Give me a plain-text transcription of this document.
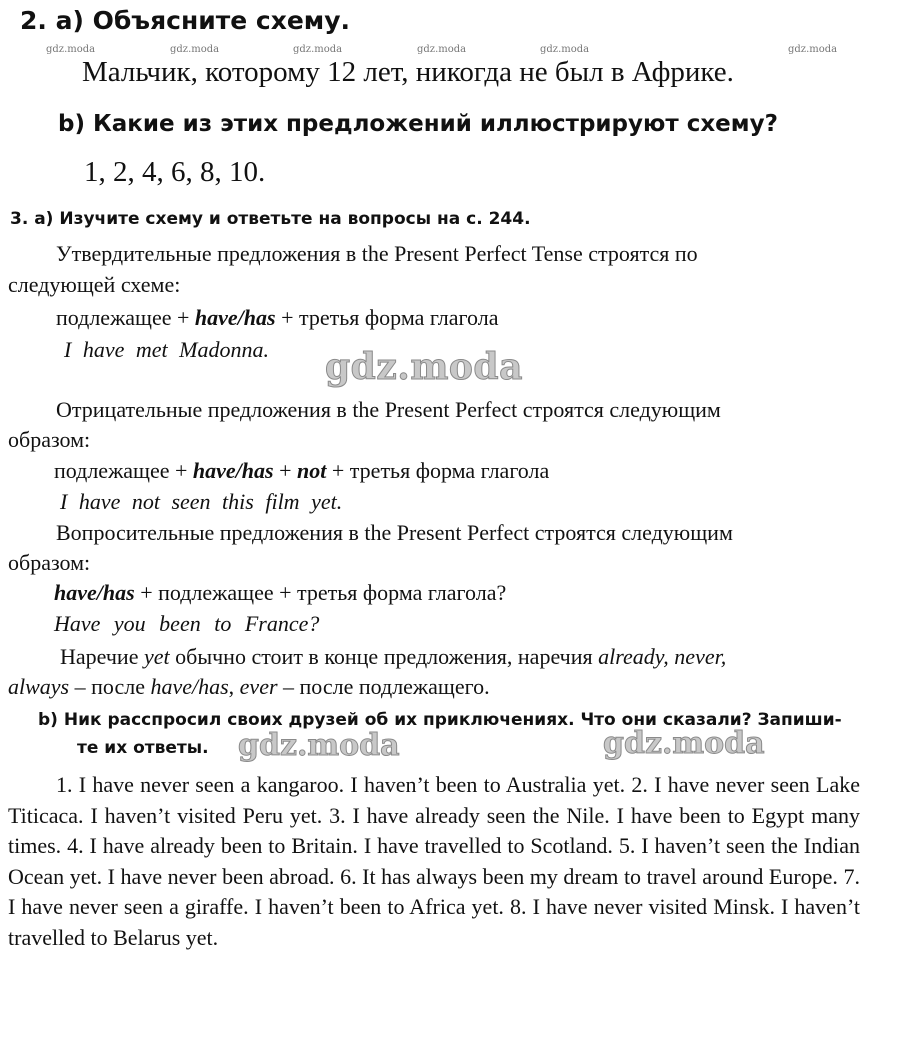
gdz.moda	gdz.moda	gdz.moda	gdz.moda	gdz.moda	gdz.moda
2. a) Объясните схему.
Мальчик, которому 12 лет, никогда не был в Африке.
b) Какие из этих предложений иллюстрируют схему?
1, 2, 4, 6, 8, 10.
3. a) Изучите схему и ответьте на вопросы на с. 244.
Утвердительные предложения в the Present Perfect Tense строятся по
следующей схеме:
подлежащее + have/has + третья форма глагола
I have met Madonna. gdz.moda
Отрицательные предложения в the Present Perfect строятся следующим
образом:
подлежащее + have/has + not + третья форма глагола
I have not seen this film yet.
Вопросительные предложения в the Present Perfect строятся следующим
образом:
have/has + подлежащее + третья форма глагола?
Have you been to France?
Наречие yet обычно стоит в конце предложения, наречия already, never,
always – после have/has, ever – после подлежащего.
b) Ник расспросил своих друзей об их приключениях. Что они сказали? Запиши-
те их ответы. gdz.moda	gdz.moda
1. I have never seen a kangaroo. I haven’t been to Australia yet. 2. I have never seen Lake Titicaca. I haven’t visited Peru yet. 3. I have already seen the Nile. I have been to Egypt many times. 4. I have already been to Britain. I have travelled to Scotland. 5. I haven’t seen the Indian Ocean yet. I have never been abroad. 6. It has always been my dream to travel around Europe. 7. I have never seen a giraffe. I haven’t been to Africa yet. 8. I have never visited Minsk. I haven’t travelled to Belarus yet.
